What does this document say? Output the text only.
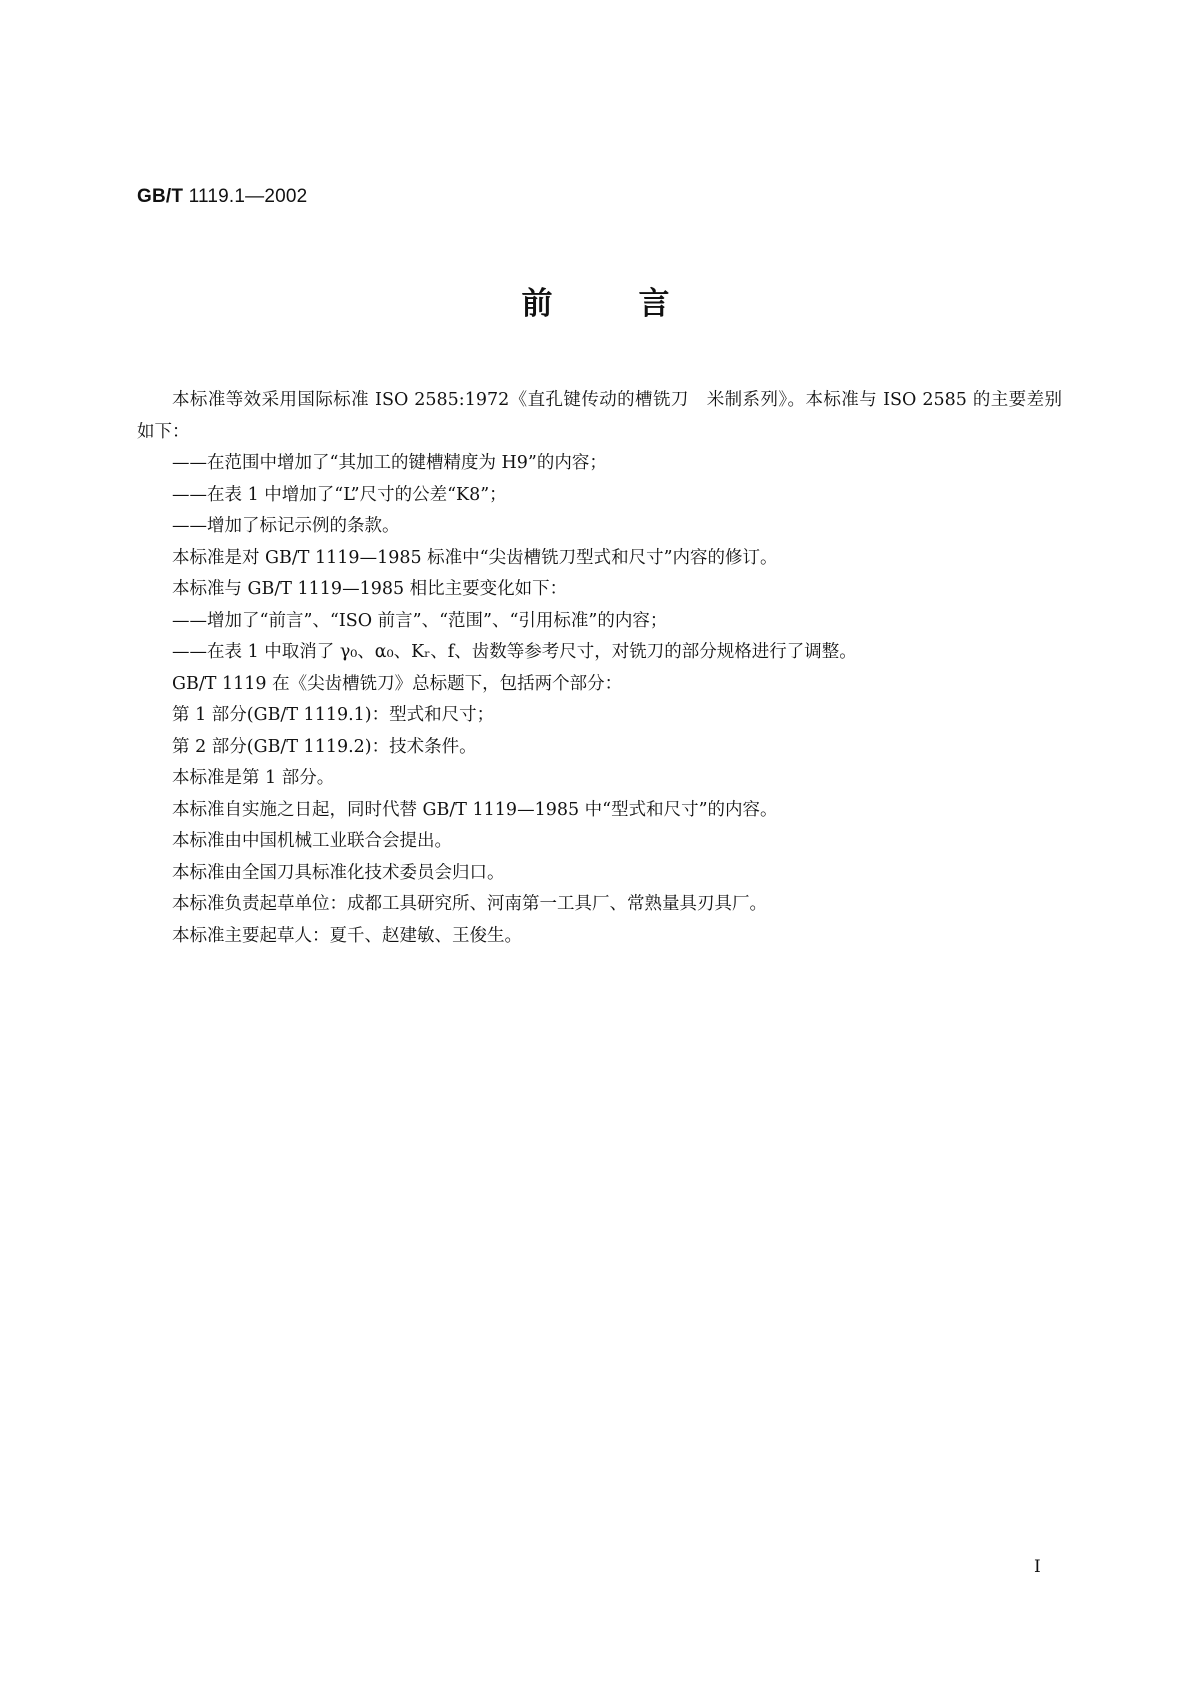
GB/T 1119.1—2002
前言

本标准等效采用国际标准 ISO 2585:1972《直孔键传动的槽铣刀　米制系列》。本标准与 ISO 2585 的主要差别如下：

——在范围中增加了“其加工的键槽精度为 H9”的内容；

——在表 1 中增加了“L”尺寸的公差“K8”；

——增加了标记示例的条款。

本标准是对 GB/T 1119—1985 标准中“尖齿槽铣刀型式和尺寸”内容的修订。

本标准与 GB/T 1119—1985 相比主要变化如下：

——增加了“前言”、“ISO 前言”、“范围”、“引用标准”的内容；

——在表 1 中取消了 γ₀、α₀、Kᵣ、f、齿数等参考尺寸，对铣刀的部分规格进行了调整。

GB/T 1119 在《尖齿槽铣刀》总标题下，包括两个部分：

第 1 部分(GB/T 1119.1)：型式和尺寸；

第 2 部分(GB/T 1119.2)：技术条件。

本标准是第 1 部分。

本标准自实施之日起，同时代替 GB/T 1119—1985 中“型式和尺寸”的内容。

本标准由中国机械工业联合会提出。

本标准由全国刀具标准化技术委员会归口。

本标准负责起草单位：成都工具研究所、河南第一工具厂、常熟量具刃具厂。

本标准主要起草人：夏千、赵建敏、王俊生。

I
